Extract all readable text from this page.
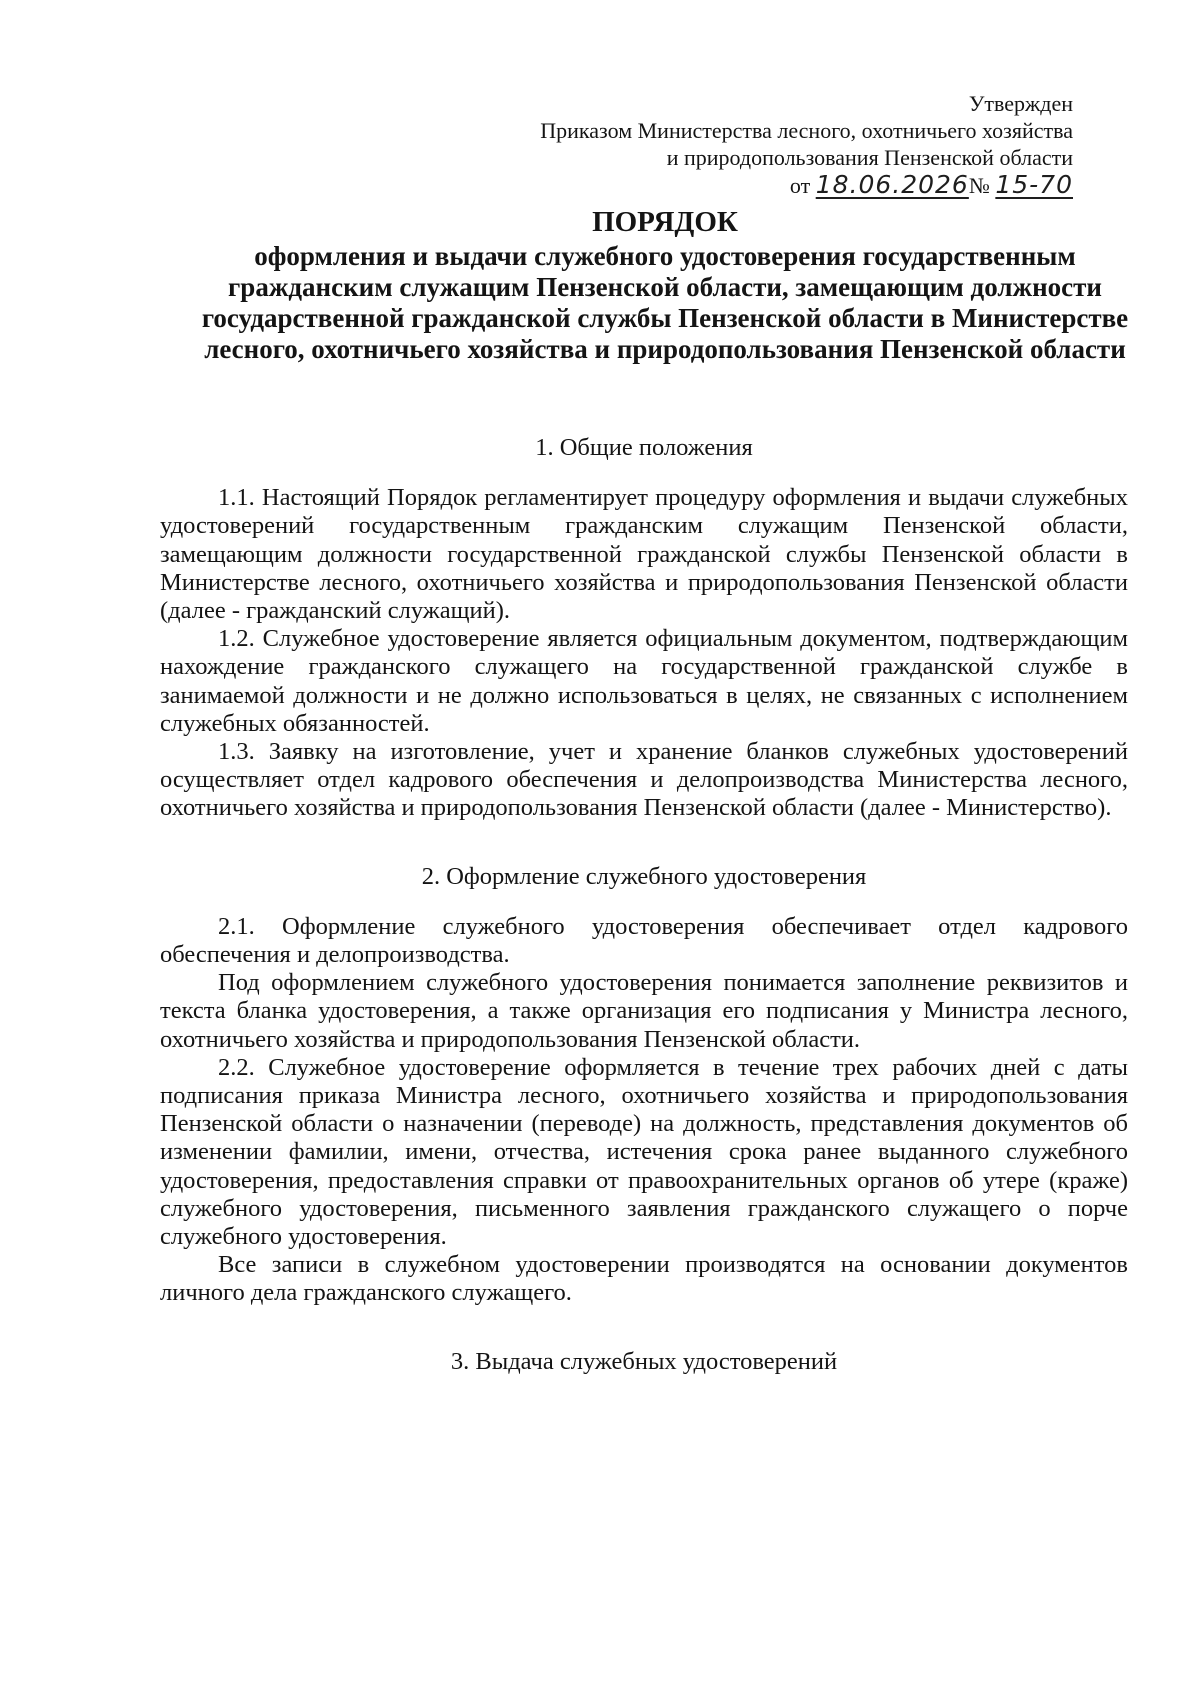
Утвержден
Приказом Министерства лесного, охотничьего хозяйства
и природопользования Пензенской области
от 18.06.2026№ 15-70
ПОРЯДОК
оформления и выдачи служебного удостоверения государственным гражданским служащим Пензенской области, замещающим должности государственной гражданской службы Пензенской области в Министерстве лесного, охотничьего хозяйства и природопользования Пензенской области
1. Общие положения

1.1. Настоящий Порядок регламентирует процедуру оформления и выдачи служебных удостоверений государственным гражданским служащим Пензенской области, замещающим должности государственной гражданской службы Пензенской области в Министерстве лесного, охотничьего хозяйства и природопользования Пензенской области (далее - гражданский служащий).

1.2. Служебное удостоверение является официальным документом, подтверждающим нахождение гражданского служащего на государственной гражданской службе в занимаемой должности и не должно использоваться в целях, не связанных с исполнением служебных обязанностей.

1.3. Заявку на изготовление, учет и хранение бланков служебных удостоверений осуществляет отдел кадрового обеспечения и делопроизводства Министерства лесного, охотничьего хозяйства и природопользования Пензенской области (далее - Министерство).

2. Оформление служебного удостоверения

2.1. Оформление служебного удостоверения обеспечивает отдел кадрового обеспечения и делопроизводства.

Под оформлением служебного удостоверения понимается заполнение реквизитов и текста бланка удостоверения, а также организация его подписания у Министра лесного, охотничьего хозяйства и природопользования Пензенской области.

2.2. Служебное удостоверение оформляется в течение трех рабочих дней с даты подписания приказа Министра лесного, охотничьего хозяйства и природопользования Пензенской области о назначении (переводе) на должность, представления документов об изменении фамилии, имени, отчества, истечения срока ранее выданного служебного удостоверения, предоставления справки от правоохранительных органов об утере (краже) служебного удостоверения, письменного заявления гражданского служащего о порче служебного удостоверения.

Все записи в служебном удостоверении производятся на основании документов личного дела гражданского служащего.

3. Выдача служебных удостоверений
